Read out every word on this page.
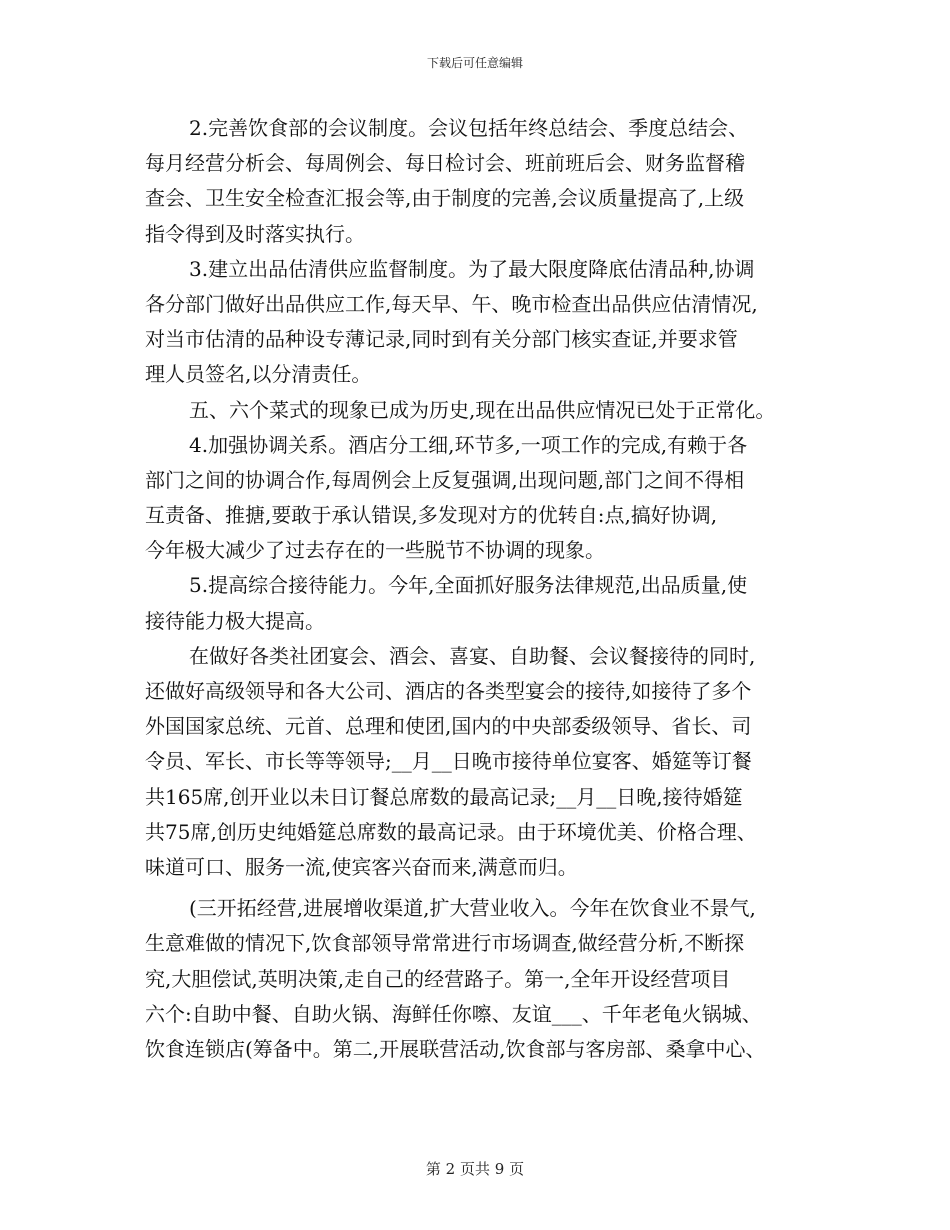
下载后可任意编辑
2.完善饮食部的会议制度。会议包括年终总结会、季度总结会、
每月经营分析会、每周例会、每日检讨会、班前班后会、财务监督稽
查会、卫生安全检查汇报会等,由于制度的完善,会议质量提高了,上级
指令得到及时落实执行。
3.建立出品估清供应监督制度。为了最大限度降底估清品种,协调
各分部门做好出品供应工作,每天早、午、晚市检查出品供应估清情况,
对当市估清的品种设专薄记录,同时到有关分部门核实查证,并要求管
理人员签名,以分清责任。
五、六个菜式的现象已成为历史,现在出品供应情况已处于正常化。
4.加强协调关系。酒店分工细,环节多,一项工作的完成,有赖于各
部门之间的协调合作,每周例会上反复强调,出现问题,部门之间不得相
互责备、推搪,要敢于承认错误,多发现对方的优转自:点,搞好协调,
今年极大减少了过去存在的一些脱节不协调的现象。
5.提高综合接待能力。今年,全面抓好服务法律规范,出品质量,使
接待能力极大提高。
在做好各类社团宴会、酒会、喜宴、自助餐、会议餐接待的同时,
还做好高级领导和各大公司、酒店的各类型宴会的接待,如接待了多个
外国国家总统、元首、总理和使团,国内的中央部委级领导、省长、司
令员、军长、市长等等领导;__月__日晚市接待单位宴客、婚筵等订餐
共165席,创开业以未日订餐总席数的最高记录;__月__日晚,接待婚筵
共75席,创历史纯婚筵总席数的最高记录。由于环境优美、价格合理、
味道可口、服务一流,使宾客兴奋而来,满意而归。
(三开拓经营,进展增收渠道,扩大营业收入。今年在饮食业不景气,
生意难做的情况下,饮食部领导常常进行市场调查,做经营分析,不断探
究,大胆偿试,英明决策,走自己的经营路子。第一,全年开设经营项目
六个:自助中餐、自助火锅、海鲜任你嚓、友谊___、千年老龟火锅城、
饮食连锁店(筹备中。第二,开展联营活动,饮食部与客房部、桑拿中心、
第 2 页共 9 页
